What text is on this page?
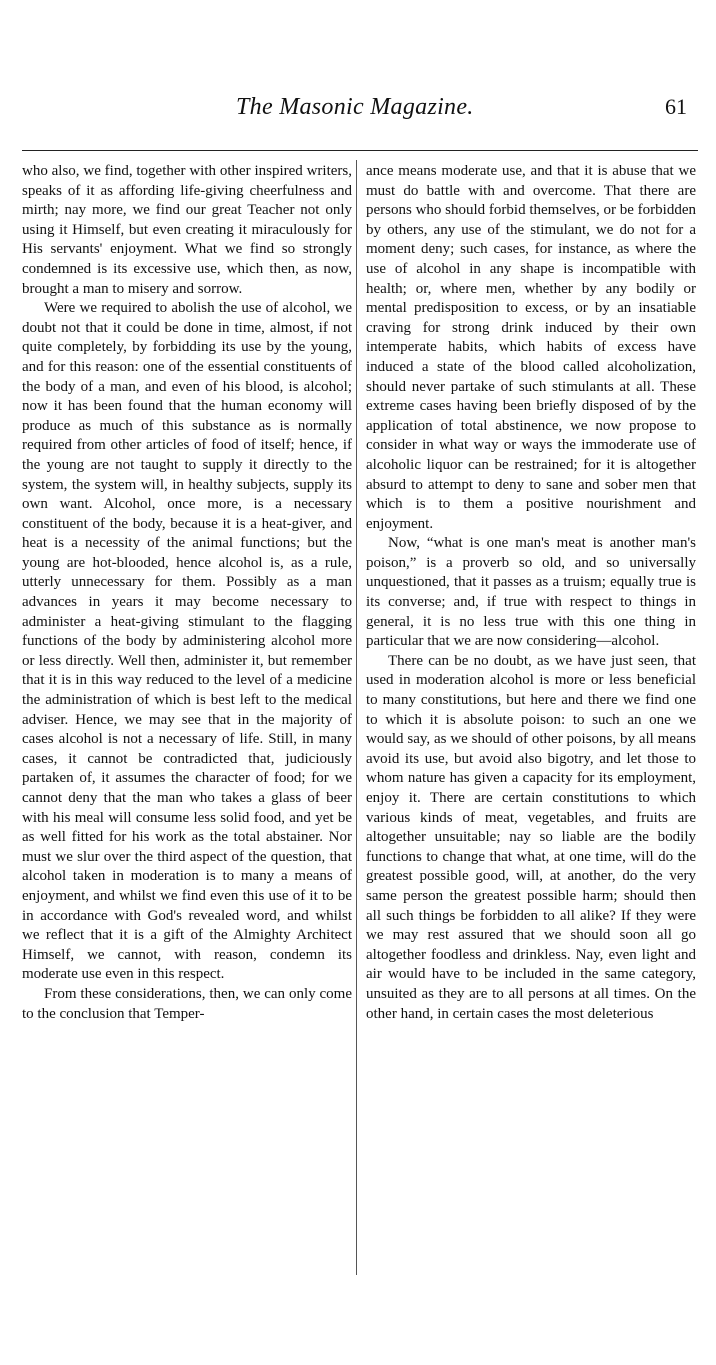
The Masonic Magazine.	61

who also, we find, together with other inspired writers, speaks of it as affording life-giving cheerfulness and mirth; nay more, we find our great Teacher not only using it Himself, but even creating it miraculously for His servants' enjoyment. What we find so strongly condemned is its excessive use, which then, as now, brought a man to misery and sorrow.

Were we required to abolish the use of alcohol, we doubt not that it could be done in time, almost, if not quite completely, by forbidding its use by the young, and for this reason: one of the essential constituents of the body of a man, and even of his blood, is alcohol; now it has been found that the human economy will produce as much of this substance as is normally required from other articles of food of itself; hence, if the young are not taught to supply it directly to the system, the system will, in healthy subjects, supply its own want. Alcohol, once more, is a necessary constituent of the body, because it is a heat-giver, and heat is a necessity of the animal functions; but the young are hot-blooded, hence alcohol is, as a rule, utterly unnecessary for them. Possibly as a man advances in years it may become necessary to administer a heat-giving stimulant to the flagging functions of the body by administering alcohol more or less directly. Well then, administer it, but remember that it is in this way reduced to the level of a medicine the administration of which is best left to the medical adviser. Hence, we may see that in the majority of cases alcohol is not a necessary of life. Still, in many cases, it cannot be contradicted that, judiciously partaken of, it assumes the character of food; for we cannot deny that the man who takes a glass of beer with his meal will consume less solid food, and yet be as well fitted for his work as the total abstainer. Nor must we slur over the third aspect of the question, that alcohol taken in moderation is to many a means of enjoyment, and whilst we find even this use of it to be in accordance with God's revealed word, and whilst we reflect that it is a gift of the Almighty Architect Himself, we cannot, with reason, condemn its moderate use even in this respect.

From these considerations, then, we can only come to the conclusion that Temper-

ance means moderate use, and that it is abuse that we must do battle with and overcome. That there are persons who should forbid themselves, or be forbidden by others, any use of the stimulant, we do not for a moment deny; such cases, for instance, as where the use of alcohol in any shape is incompatible with health; or, where men, whether by any bodily or mental predisposition to excess, or by an insatiable craving for strong drink induced by their own intemperate habits, which habits of excess have induced a state of the blood called alcoholization, should never partake of such stimulants at all. These extreme cases having been briefly disposed of by the application of total abstinence, we now propose to consider in what way or ways the immoderate use of alcoholic liquor can be restrained; for it is altogether absurd to attempt to deny to sane and sober men that which is to them a positive nourishment and enjoyment.

Now, “what is one man's meat is another man's poison,” is a proverb so old, and so universally unquestioned, that it passes as a truism; equally true is its converse; and, if true with respect to things in general, it is no less true with this one thing in particular that we are now considering—alcohol.

There can be no doubt, as we have just seen, that used in moderation alcohol is more or less beneficial to many constitutions, but here and there we find one to which it is absolute poison: to such an one we would say, as we should of other poisons, by all means avoid its use, but avoid also bigotry, and let those to whom nature has given a capacity for its employment, enjoy it. There are certain constitutions to which various kinds of meat, vegetables, and fruits are altogether unsuitable; nay so liable are the bodily functions to change that what, at one time, will do the greatest possible good, will, at another, do the very same person the greatest possible harm; should then all such things be forbidden to all alike? If they were we may rest assured that we should soon all go altogether foodless and drinkless. Nay, even light and air would have to be included in the same category, unsuited as they are to all persons at all times. On the other hand, in certain cases the most deleterious
